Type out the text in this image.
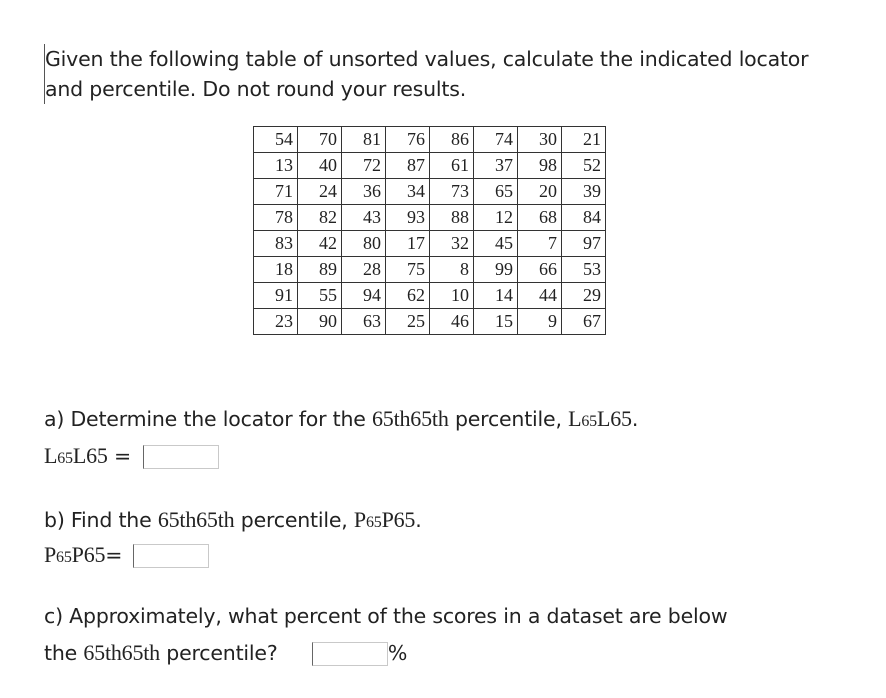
Given the following table of unsorted values, calculate the indicated locator and percentile. Do not round your results.
54	70	81	76	86	74	30	21
13	40	72	87	61	37	98	52
71	24	36	34	73	65	20	39
78	82	43	93	88	12	68	84
83	42	80	17	32	45	7	97
18	89	28	75	8	99	66	53
91	55	94	62	10	14	44	29
23	90	63	25	46	15	9	67
a) Determine the locator for the 65th65th percentile, L65L65.
L65L65 =
b) Find the 65th65th percentile, P65P65.
P65P65=
c) Approximately, what percent of the scores in a dataset are below
the 65th65th percentile?	%
